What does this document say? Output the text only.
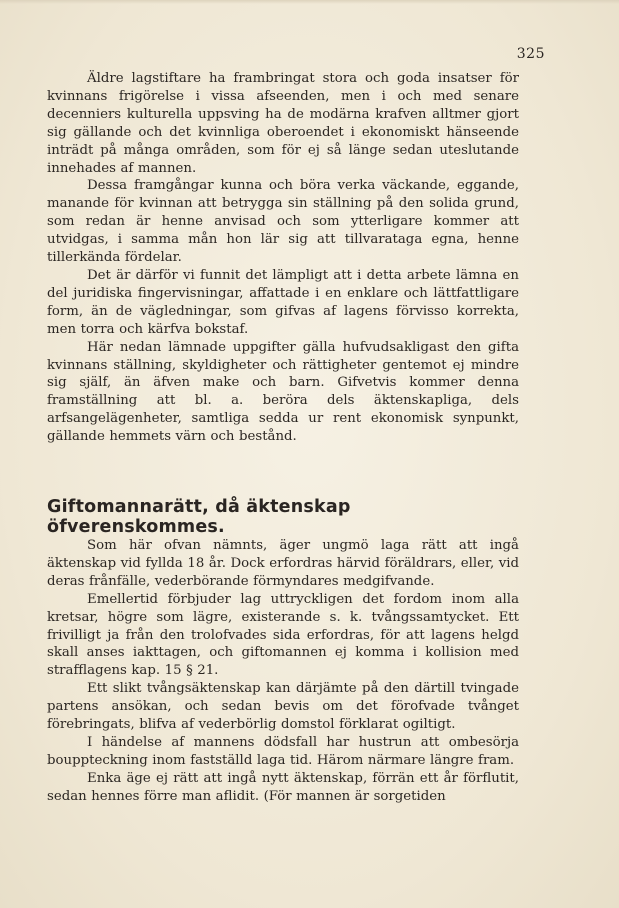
325

Äldre lagstiftare ha frambringat stora och goda insatser för kvinnans frigörelse i vissa afseenden, men i och med senare decenniers kulturella uppsving ha de modärna krafven alltmer gjort sig gällande och det kvinnliga oberoendet i ekonomiskt hänseende inträdt på många områden, som för ej så länge sedan uteslutande innehades af mannen.

Dessa framgångar kunna och böra verka väckande, eggande, manande för kvinnan att betrygga sin ställning på den solida grund, som redan är henne anvisad och som ytterligare kommer att utvidgas, i samma mån hon lär sig att tillvarataga egna, henne tillerkända fördelar.

Det är därför vi funnit det lämpligt att i detta arbete lämna en del juridiska fingervisningar, affattade i en enklare och lättfattligare form, än de vägledningar, som gifvas af lagens förvisso korrekta, men torra och kärfva bokstaf.

Här nedan lämnade uppgifter gälla hufvudsakligast den gifta kvinnans ställning, skyldigheter och rättigheter gentemot ej mindre sig själf, än äfven make och barn. Gifvetvis kommer denna framställning att bl. a. beröra dels äktenskapliga, dels arfsangelägenheter, samtliga sedda ur rent ekonomisk synpunkt, gällande hemmets värn och bestånd.

Giftomannarätt, då äktenskap öfverenskommes.

Som här ofvan nämnts, äger ungmö laga rätt att ingå äktenskap vid fyllda 18 år. Dock erfordras härvid föräldrars, eller, vid deras frånfälle, vederbörande förmyndares medgifvande.

Emellertid förbjuder lag uttryckligen det fordom inom alla kretsar, högre som lägre, existerande s. k. tvångssamtycket. Ett frivilligt ja från den trolofvades sida erfordras, för att lagens helgd skall anses iakttagen, och giftomannen ej komma i kollision med strafflagens kap. 15 § 21.

Ett slikt tvångsäktenskap kan därjämte på den därtill tvingade partens ansökan, och sedan bevis om det förofvade tvånget förebringats, blifva af vederbörlig domstol förklarat ogiltigt.

I händelse af mannens dödsfall har hustrun att ombesörja bouppteckning inom fastställd laga tid. Härom närmare längre fram.

Enka äge ej rätt att ingå nytt äktenskap, förrän ett år förflutit, sedan hennes förre man aflidit. (För mannen är sorgetiden
